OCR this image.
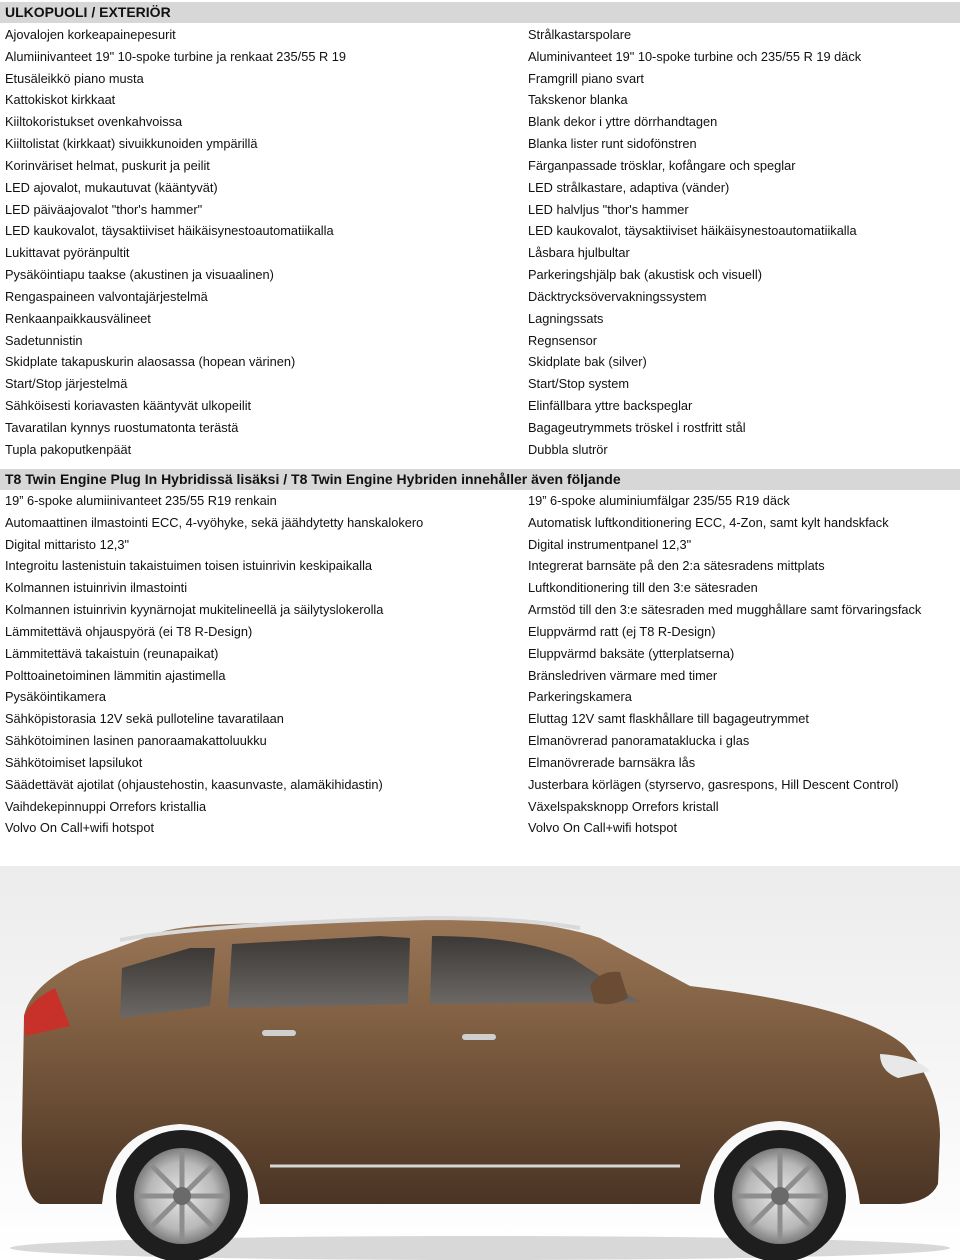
ULKOPUOLI / EXTERIÖR
Ajovalojen korkeapainepesurit	Strålkastarspolare
Alumiinivanteet 19" 10-spoke turbine ja renkaat 235/55 R 19	Aluminivanteet 19" 10-spoke turbine och 235/55 R 19 däck
Etusäleikkö piano musta	Framgrill piano svart
Kattokiskot kirkkaat	Takskenor blanka
Kiiltokoristukset ovenkahvoissa	Blank dekor i yttre dörrhandtagen
Kiiltolistat (kirkkaat) sivuikkunoiden ympärillä	Blanka lister runt sidofönstren
Korinväriset helmat, puskurit ja peilit	Färganpassade trösklar, kofångare och speglar
LED ajovalot, mukautuvat (kääntyvät)	LED strålkastare, adaptiva (vänder)
LED päiväajovalot "thor's hammer"	LED halvljus "thor's hammer
LED kaukovalot, täysaktiiviset häikäisynestoautomatiikalla	LED kaukovalot, täysaktiiviset häikäisynestoautomatiikalla
Lukittavat pyöränpultit	Låsbara hjulbultar
Pysäköintiapu taakse (akustinen ja visuaalinen)	Parkeringshjälp bak (akustisk och visuell)
Rengaspaineen valvontajärjestelmä	Däcktrycksövervakningssystem
Renkaanpaikkausvälineet	Lagningssats
Sadetunnistin	Regnsensor
Skidplate takapuskurin alaosassa (hopean värinen)	Skidplate bak (silver)
Start/Stop järjestelmä	Start/Stop system
Sähköisesti koriavasten kääntyvät ulkopeilit	Elinfällbara yttre backspeglar
Tavaratilan kynnys ruostumatonta terästä	Bagageutrymmets tröskel i rostfritt stål
Tupla pakoputkenpäät	Dubbla slutrör
T8 Twin Engine Plug In Hybridissä lisäksi / T8 Twin Engine Hybriden innehåller även följande
19” 6-spoke alumiinivanteet 235/55 R19 renkain	19” 6-spoke aluminiumfälgar 235/55 R19 däck
Automaattinen ilmastointi ECC, 4-vyöhyke, sekä jäähdytetty hanskalokero	Automatisk luftkonditionering ECC, 4-Zon, samt kylt handskfack
Digital mittaristo 12,3"	Digital instrumentpanel 12,3"
Integroitu lastenistuin takaistuimen toisen istuinrivin keskipaikalla	Integrerat barnsäte på den 2:a sätesradens mittplats
Kolmannen istuinrivin ilmastointi	Luftkonditionering till den 3:e sätesraden
Kolmannen istuinrivin kyynärnojat mukitelineellä ja säilytyslokerolla	Armstöd till den 3:e sätesraden med mugghållare samt förvaringsfack
Lämmitettävä ohjauspyörä (ei T8 R-Design)	Eluppvärmd ratt (ej T8 R-Design)
Lämmitettävä takaistuin (reunapaikat)	Eluppvärmd baksäte (ytterplatserna)
Polttoainetoiminen lämmitin ajastimella	Bränsledriven värmare med timer
Pysäköintikamera	Parkeringskamera
Sähköpistorasia 12V sekä pulloteline tavaratilaan	Eluttag 12V samt flaskhållare till bagageutrymmet
Sähkötoiminen lasinen panoraamakattoluukku	Elmanövrerad panoramataklucka i glas
Sähkötoimiset lapsilukot	Elmanövrerade barnsäkra lås
Säädettävät ajotilat (ohjaustehostin, kaasunvaste, alamäkihidastin)	Justerbara körlägen (styrservo, gasrespons, Hill Descent Control)
Vaihdekepinnuppi Orrefors kristallia	Växelspaksknopp Orrefors kristall
Volvo On Call+wifi hotspot	Volvo On Call+wifi hotspot
